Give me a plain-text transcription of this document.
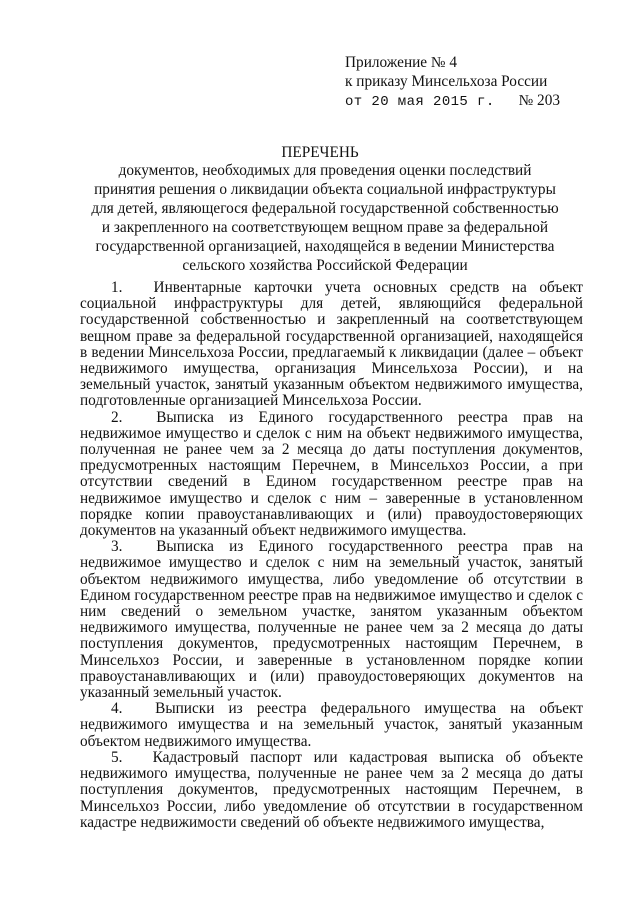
Приложение № 4
к приказу Минсельхоза России
от 20 мая 2015 г. № 203
ПЕРЕЧЕНЬ
документов, необходимых для проведения оценки последствий принятия решения о ликвидации объекта социальной инфраструктуры для детей, являющегося федеральной государственной собственностью и закрепленного на соответствующем вещном праве за федеральной государственной организацией, находящейся в ведении Министерства сельского хозяйства Российской Федерации

1. Инвентарные карточки учета основных средств на объект социальной инфраструктуры для детей, являющийся федеральной государственной собственностью и закрепленный на соответствующем вещном праве за федеральной государственной организацией, находящейся в ведении Минсельхоза России, предлагаемый к ликвидации (далее – объект недвижимого имущества, организация Минсельхоза России), и на земельный участок, занятый указанным объектом недвижимого имущества, подготовленные организацией Минсельхоза России.

2. Выписка из Единого государственного реестра прав на недвижимое имущество и сделок с ним на объект недвижимого имущества, полученная не ранее чем за 2 месяца до даты поступления документов, предусмотренных настоящим Перечнем, в Минсельхоз России, а при отсутствии сведений в Едином государственном реестре прав на недвижимое имущество и сделок с ним – заверенные в установленном порядке копии правоустанавливающих и (или) правоудостоверяющих документов на указанный объект недвижимого имущества.

3. Выписка из Единого государственного реестра прав на недвижимое имущество и сделок с ним на земельный участок, занятый объектом недвижимого имущества, либо уведомление об отсутствии в Едином государственном реестре прав на недвижимое имущество и сделок с ним сведений о земельном участке, занятом указанным объектом недвижимого имущества, полученные не ранее чем за 2 месяца до даты поступления документов, предусмотренных настоящим Перечнем, в Минсельхоз России, и заверенные в установленном порядке копии правоустанавливающих и (или) правоудостоверяющих документов на указанный земельный участок.

4. Выписки из реестра федерального имущества на объект недвижимого имущества и на земельный участок, занятый указанным объектом недвижимого имущества.

5. Кадастровый паспорт или кадастровая выписка об объекте недвижимого имущества, полученные не ранее чем за 2 месяца до даты поступления документов, предусмотренных настоящим Перечнем, в Минсельхоз России, либо уведомление об отсутствии в государственном кадастре недвижимости сведений об объекте недвижимого имущества,
